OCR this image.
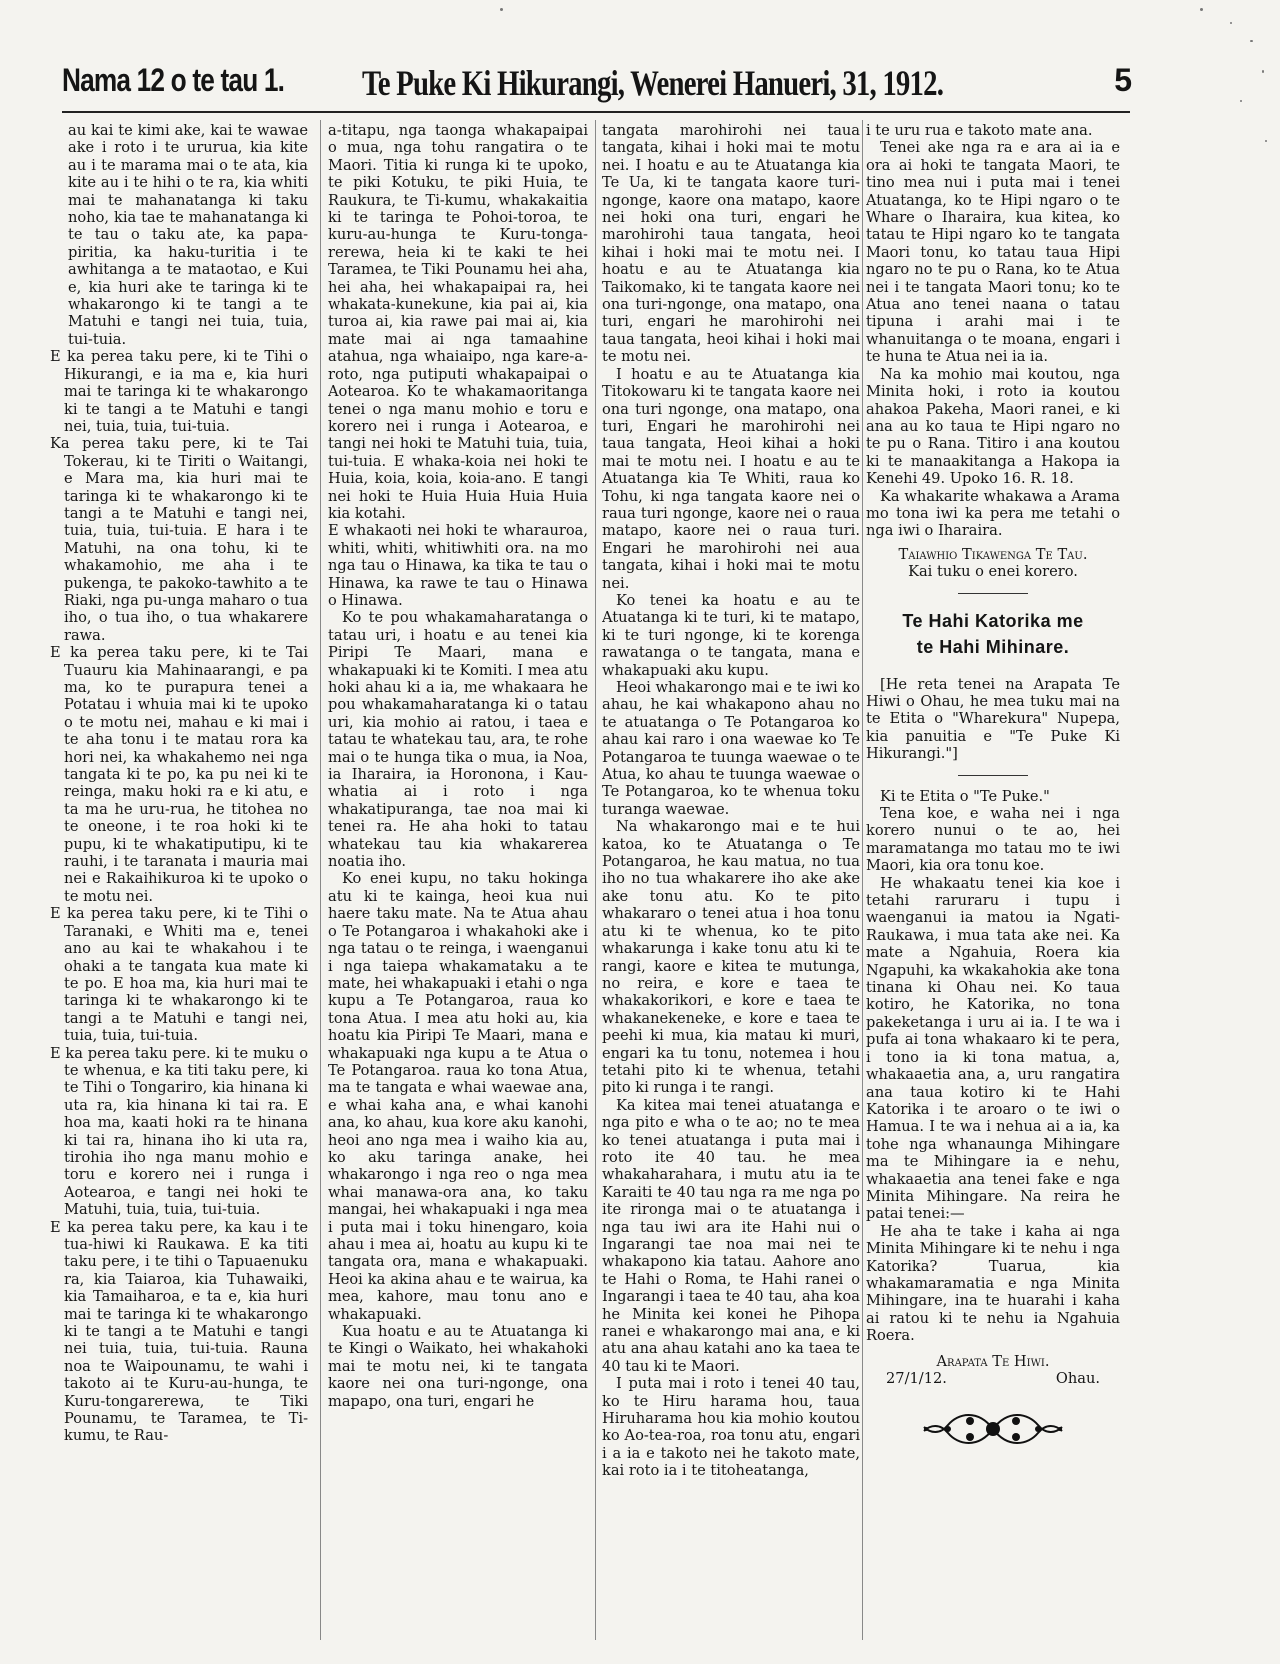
Nama 12 o te tau 1. Te Puke Ki Hikurangi, Wenerei Hanueri, 31, 1912.	5

au kai te kimi ake, kai te wawae ake i roto i te ururua, kia kite au i te marama mai o te ata, kia kite au i te hihi o te ra, kia whiti mai te mahanatanga ki taku noho, kia tae te mahanatanga ki te tau o taku ate, ka papa-piritia, ka haku-turitia i te awhitanga a te mataotao, e Kui e, kia huri ake te taringa ki te whakarongo ki te tangi a te Matuhi e tangi nei tuia, tuia, tui-tuia.

E ka perea taku pere, ki te Tihi o Hikurangi, e ia ma e, kia huri mai te taringa ki te whakarongo ki te tangi a te Matuhi e tangi nei, tuia, tuia, tui-tuia.

Ka perea taku pere, ki te Tai Tokerau, ki te Tiriti o Waitangi, e Mara ma, kia huri mai te taringa ki te whakarongo ki te tangi a te Matuhi e tangi nei, tuia, tuia, tui-tuia. E hara i te Matuhi, na ona tohu, ki te whakamohio, me aha i te pukenga, te pakoko-tawhito a te Riaki, nga pu-unga maharo o tua iho, o tua iho, o tua whakarere rawa.

E ka perea taku pere, ki te Tai Tuauru kia Mahinaarangi, e pa ma, ko te purapura tenei a Potatau i whuia mai ki te upoko o te motu nei, mahau e ki mai i te aha tonu i te matau rora ka hori nei, ka whakahemo nei nga tangata ki te po, ka pu nei ki te reinga, maku hoki ra e ki atu, e ta ma he uru-rua, he titohea no te oneone, i te roa hoki ki te pupu, ki te whakatiputipu, ki te rauhi, i te taranata i mauria mai nei e Rakaihikuroa ki te upoko o te motu nei.

E ka perea taku pere, ki te Tihi o Taranaki, e Whiti ma e, tenei ano au kai te whakahou i te ohaki a te tangata kua mate ki te po. E hoa ma, kia huri mai te taringa ki te whakarongo ki te tangi a te Matuhi e tangi nei, tuia, tuia, tui-tuia.

E ka perea taku pere. ki te muku o te whenua, e ka titi taku pere, ki te Tihi o Tongariro, kia hinana ki uta ra, kia hinana ki tai ra. E hoa ma, kaati hoki ra te hinana ki tai ra, hinana iho ki uta ra, tirohia iho nga manu mohio e toru e korero nei i runga i Aotearoa, e tangi nei hoki te Matuhi, tuia, tuia, tui-tuia.

E ka perea taku pere, ka kau i te tua-hiwi ki Raukawa. E ka titi taku pere, i te tihi o Tapuaenuku ra, kia Taiaroa, kia Tuhawaiki, kia Tamaiharoa, e ta e, kia huri mai te taringa ki te whakarongo ki te tangi a te Matuhi e tangi nei tuia, tuia, tui-tuia. Rauna noa te Waipounamu, te wahi i takoto ai te Kuru-au-hunga, te Kuru-tongarerewa, te Tiki Pounamu, te Taramea, te Ti-kumu, te Rau-

a-titapu, nga taonga whakapaipai o mua, nga tohu rangatira o te Maori. Titia ki runga ki te upoko, te piki Kotuku, te piki Huia, te Raukura, te Ti-kumu, whakakaitia ki te taringa te Pohoi-toroa, te kuru-au-hunga te Kuru-tonga-rerewa, heia ki te kaki te hei Taramea, te Tiki Pounamu hei aha, hei aha, hei whakapaipai ra, hei whakata-kunekune, kia pai ai, kia turoa ai, kia rawe pai mai ai, kia mate mai ai nga tamaahine atahua, nga whaiaipo, nga kare-a-roto, nga putiputi whakapaipai o Aotearoa. Ko te whakamaoritanga tenei o nga manu mohio e toru e korero nei i runga i Aotearoa, e tangi nei hoki te Matuhi tuia, tuia, tui-tuia. E whaka-koia nei hoki te Huia, koia, koia, koia-ano. E tangi nei hoki te Huia Huia Huia Huia kia kotahi.

E whakaoti nei hoki te wharauroa, whiti, whiti, whitiwhiti ora. na mo nga tau o Hinawa, ka tika te tau o Hinawa, ka rawe te tau o Hinawa o Hinawa.

Ko te pou whakamaharatanga o tatau uri, i hoatu e au tenei kia Piripi Te Maari, mana e whakapuaki ki te Komiti. I mea atu hoki ahau ki a ia, me whakaara he pou whakamaharatanga ki o tatau uri, kia mohio ai ratou, i taea e tatau te whatekau tau, ara, te rohe mai o te hunga tika o mua, ia Noa, ia Iharaira, ia Horonona, i Kau-whatia ai i roto i nga whakatipuranga, tae noa mai ki tenei ra. He aha hoki to tatau whatekau tau kia whakarerea noatia iho.

Ko enei kupu, no taku hokinga atu ki te kainga, heoi kua nui haere taku mate. Na te Atua ahau o Te Potangaroa i whakahoki ake i nga tatau o te reinga, i waenganui i nga taiepa whakamataku a te mate, hei whakapuaki i etahi o nga kupu a Te Potangaroa, raua ko tona Atua. I mea atu hoki au, kia hoatu kia Piripi Te Maari, mana e whakapuaki nga kupu a te Atua o Te Potangaroa. raua ko tona Atua, ma te tangata e whai waewae ana, e whai kaha ana, e whai kanohi ana, ko ahau, kua kore aku kanohi, heoi ano nga mea i waiho kia au, ko aku taringa anake, hei whakarongo i nga reo o nga mea whai manawa-ora ana, ko taku mangai, hei whakapuaki i nga mea i puta mai i toku hinengaro, koia ahau i mea ai, hoatu au kupu ki te tangata ora, mana e whakapuaki. Heoi ka akina ahau e te wairua, ka mea, kahore, mau tonu ano e whakapuaki.

Kua hoatu e au te Atuatanga ki te Kingi o Waikato, hei whakahoki mai te motu nei, ki te tangata kaore nei ona turi-ngonge, ona mapapo, ona turi, engari he

tangata marohirohi nei taua tangata, kihai i hoki mai te motu nei. I hoatu e au te Atuatanga kia Te Ua, ki te tangata kaore turi-ngonge, kaore ona matapo, kaore nei hoki ona turi, engari he marohirohi taua tangata, heoi kihai i hoki mai te motu nei. I hoatu e au te Atuatanga kia Taikomako, ki te tangata kaore nei ona turi-ngonge, ona matapo, ona turi, engari he marohirohi nei taua tangata, heoi kihai i hoki mai te motu nei.

I hoatu e au te Atuatanga kia Titokowaru ki te tangata kaore nei ona turi ngonge, ona matapo, ona turi, Engari he marohirohi nei taua tangata, Heoi kihai a hoki mai te motu nei. I hoatu e au te Atuatanga kia Te Whiti, raua ko Tohu, ki nga tangata kaore nei o raua turi ngonge, kaore nei o raua matapo, kaore nei o raua turi. Engari he marohirohi nei aua tangata, kihai i hoki mai te motu nei.

Ko tenei ka hoatu e au te Atuatanga ki te turi, ki te matapo, ki te turi ngonge, ki te korenga rawatanga o te tangata, mana e whakapuaki aku kupu.

Heoi whakarongo mai e te iwi ko ahau, he kai whakapono ahau no te atuatanga o Te Potangaroa ko ahau kai raro i ona waewae ko Te Potangaroa te tuunga waewae o te Atua, ko ahau te tuunga waewae o Te Potangaroa, ko te whenua toku turanga waewae.

Na whakarongo mai e te hui katoa, ko te Atuatanga o Te Potangaroa, he kau matua, no tua iho no tua whakarere iho ake ake ake tonu atu. Ko te pito whakararo o tenei atua i hoa tonu atu ki te whenua, ko te pito whakarunga i kake tonu atu ki te rangi, kaore e kitea te mutunga, no reira, e kore e taea te whakakorikori, e kore e taea te whakanekeneke, e kore e taea te peehi ki mua, kia matau ki muri, engari ka tu tonu, notemea i hou tetahi pito ki te whenua, tetahi pito ki runga i te rangi.

Ka kitea mai tenei atuatanga e nga pito e wha o te ao; no te mea ko tenei atuatanga i puta mai i roto ite 40 tau. he mea whakaharahara, i mutu atu ia te Karaiti te 40 tau nga ra me nga po ite rironga mai o te atuatanga i nga tau iwi ara ite Hahi nui o Ingarangi tae noa mai nei te whakapono kia tatau. Aahore ano te Hahi o Roma, te Hahi ranei o Ingarangi i taea te 40 tau, aha koa he Minita kei konei he Pihopa ranei e whakarongo mai ana, e ki atu ana ahau katahi ano ka taea te 40 tau ki te Maori.

I puta mai i roto i tenei 40 tau, ko te Hiru harama hou, taua Hiruharama hou kia mohio koutou ko Ao-tea-roa, roa tonu atu, engari i a ia e takoto nei he takoto mate, kai roto ia i te titoheatanga,

i te uru rua e takoto mate ana.

Tenei ake nga ra e ara ai ia e ora ai hoki te tangata Maori, te tino mea nui i puta mai i tenei Atuatanga, ko te Hipi ngaro o te Whare o Iharaira, kua kitea, ko tatau te Hipi ngaro ko te tangata Maori tonu, ko tatau taua Hipi ngaro no te pu o Rana, ko te Atua nei i te tangata Maori tonu; ko te Atua ano tenei naana o tatau tipuna i arahi mai i te whanuitanga o te moana, engari i te huna te Atua nei ia ia.

Na ka mohio mai koutou, nga Minita hoki, i roto ia koutou ahakoa Pakeha, Maori ranei, e ki ana au ko taua te Hipi ngaro no te pu o Rana. Titiro i ana koutou ki te manaakitanga a Hakopa ia Kenehi 49. Upoko 16. R. 18.

Ka whakarite whakawa a Arama mo tona iwi ka pera me tetahi o nga iwi o Iharaira.

Taiawhio Tikawenga Te Tau.
Kai tuku o enei korero.
Te Hahi Katorika me
te Hahi Mihinare.

[He reta tenei na Arapata Te Hiwi o Ohau, he mea tuku mai na te Etita o "Wharekura" Nupepa, kia panuitia e "Te Puke Ki Hikurangi."]

Ki te Etita o "Te Puke."

Tena koe, e waha nei i nga korero nunui o te ao, hei maramatanga mo tatau mo te iwi Maori, kia ora tonu koe.

He whakaatu tenei kia koe i tetahi raruraru i tupu i waenganui ia matou ia Ngati-Raukawa, i mua tata ake nei. Ka mate a Ngahuia, Roera kia Ngapuhi, ka wkakahokia ake tona tinana ki Ohau nei. Ko taua kotiro, he Katorika, no tona pakeketanga i uru ai ia. I te wa i pufa ai tona whakaaro ki te pera, i tono ia ki tona matua, a, whakaaetia ana, a, uru rangatira ana taua kotiro ki te Hahi Katorika i te aroaro o te iwi o Hamua. I te wa i nehua ai a ia, ka tohe nga whanaunga Mihingare ma te Mihingare ia e nehu, whakaaetia ana tenei fake e nga Minita Mihingare. Na reira he patai tenei:—

He aha te take i kaha ai nga Minita Mihingare ki te nehu i nga Katorika? Tuarua, kia whakamaramatia e nga Minita Mihingare, ina te huarahi i kaha ai ratou ki te nehu ia Ngahuia Roera.

Arapata Te Hiwi.
27/1/12.	Ohau.
